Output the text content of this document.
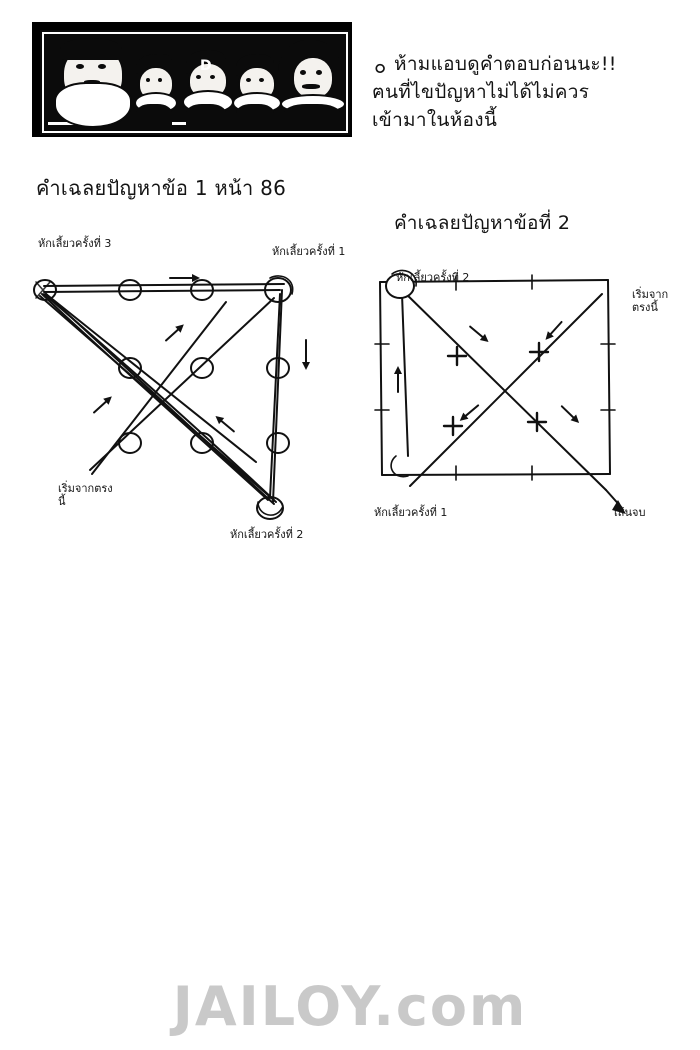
D	๐ ห้ามแอบดูคำตอบก่อนนะ!!
ฅนที่ไขปัญหาไม่ได้ไม่ควร
เข้ามาในห้องนี้
คำเฉลยปัญหาข้อ 1 หน้า 86
คำเฉลยปัญหาข้อที่ 2
หักเลี้ยวครั้งที่ 3
หักเลี้ยวครั้งที่ 1
หักเลี้ยวครั้งที่ 2
เริ่มจากตรงนี้
หักเลี้ยวครั้งที่ 2
เริ่มจากตรงนี้
หักเลี้ยวครั้งที่ 1	เส้นจบ
JAILOY.com
